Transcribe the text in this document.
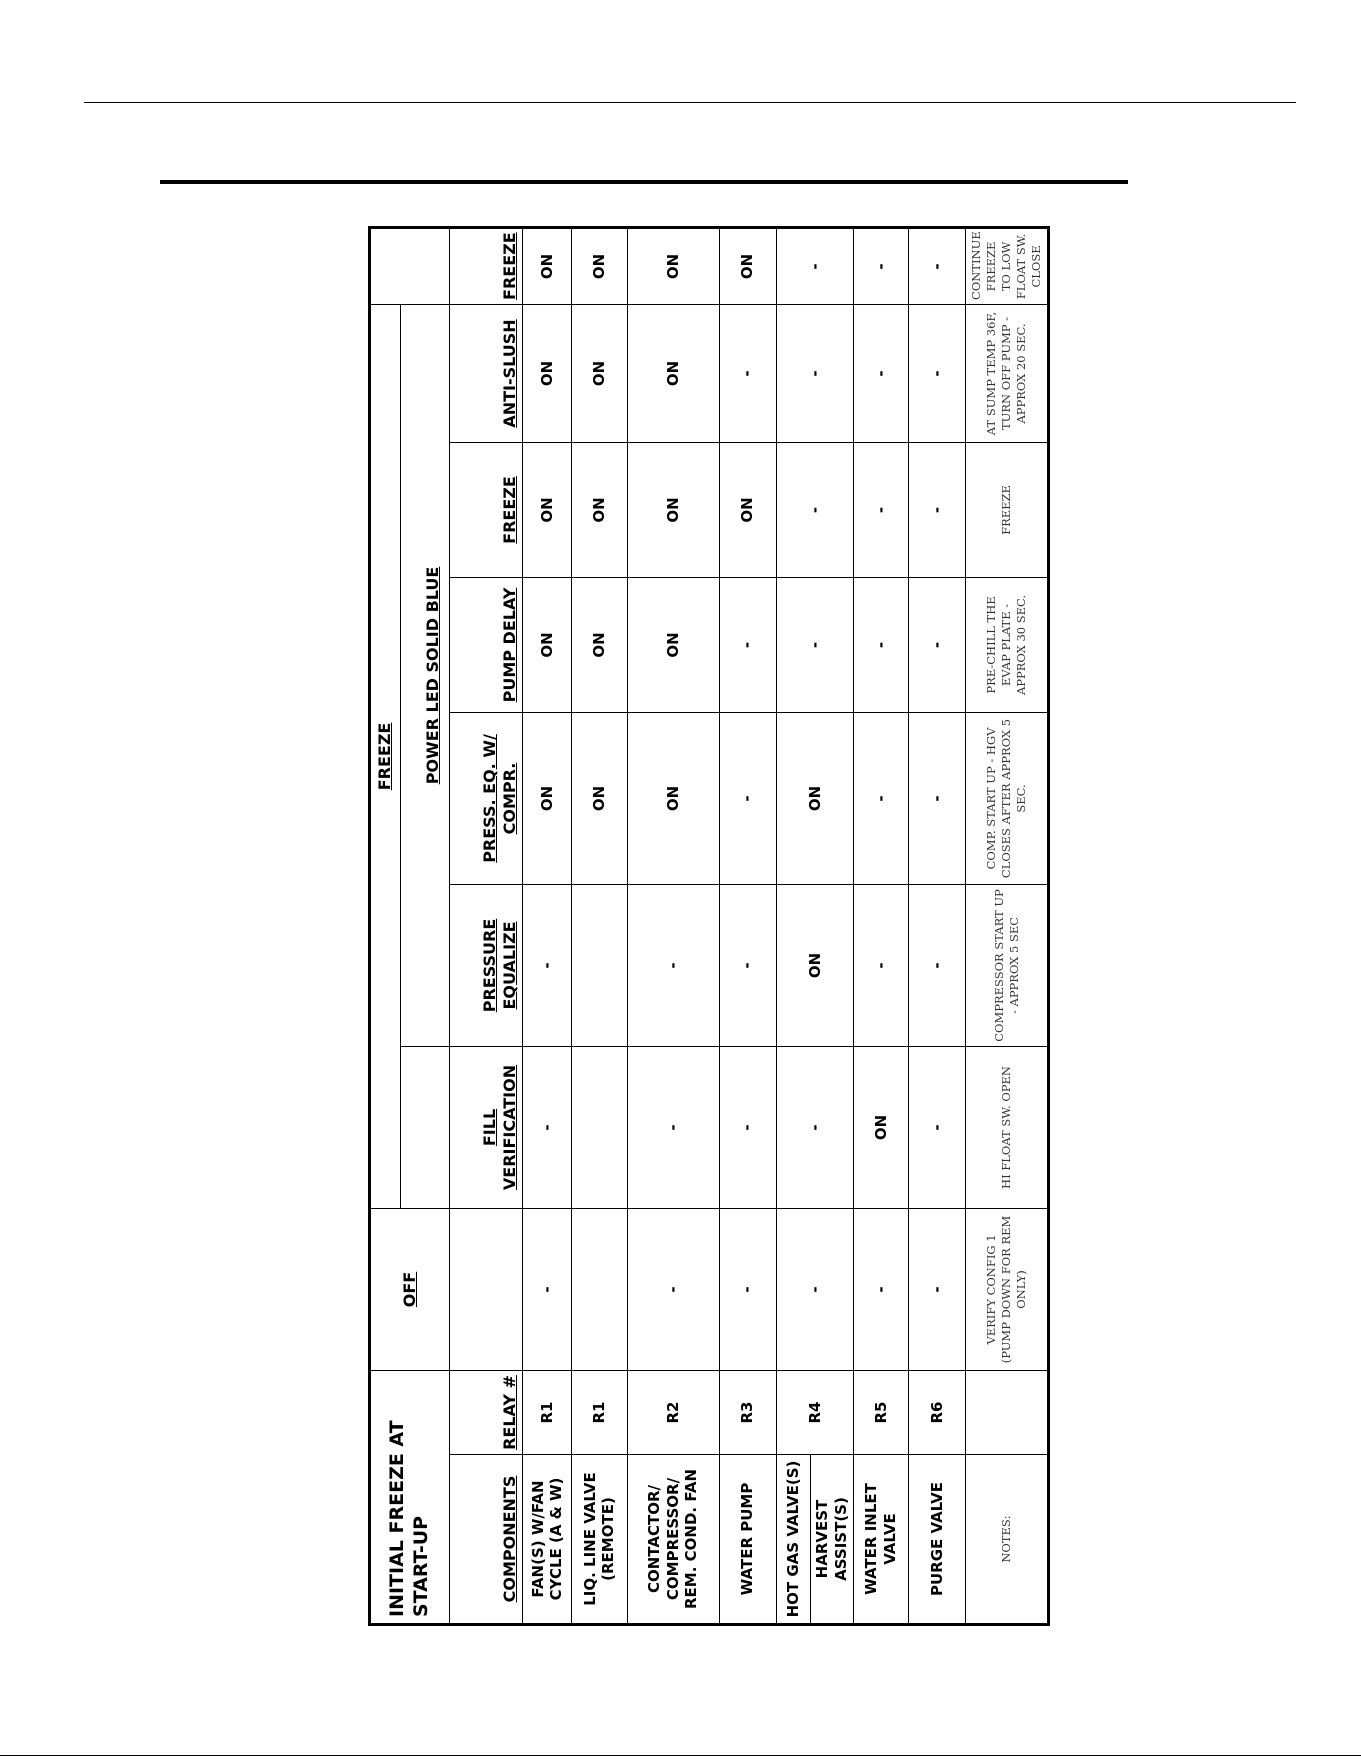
INITIAL FREEZE AT START-UP		OFF	FREEZE						
				POWER LED SOLID BLUE					

COMPONENTS	RELAY #		FILL VERIFICATION	PRESSURE EQUALIZE	PRESS. EQ. W/ COMPR.	PUMP DELAY	FREEZE	ANTI-SLUSH	FREEZE
FAN(S) W/FAN CYCLE (A & W)	R1	-	-	-	ON	ON	ON	ON	ON
LIQ. LINE VALVE (REMOTE)	R1				ON	ON	ON	ON	ON
CONTACTOR/ COMPRESSOR/ REM. COND. FAN	R2	-	-	-	ON	ON	ON	ON	ON
WATER PUMP	R3	-	-	-	-	-	ON	-	ON
HOT GAS VALVE(S)	R4	-	-	ON	ON	-	-	-	-
HARVEST ASSIST(S)									
WATER INLET VALVE	R5	-	ON	-	-	-	-	-	-
PURGE VALVE	R6	-	-	-	-	-	-	-	-
NOTES:		VERIFY CONFIG 1 (PUMP DOWN FOR REM ONLY)	HI FLOAT SW. OPEN	COMPRESSOR START UP - APPROX 5 SEC	COMP. START UP - HGV CLOSES AFTER APPROX 5 SEC.	PRE-CHILL THE EVAP PLATE - APPROX 30 SEC.	FREEZE	AT SUMP TEMP 36F, TURN OFF PUMP - APPROX 20 SEC.	CONTINUE FREEZE TO LOW FLOAT SW. CLOSE
